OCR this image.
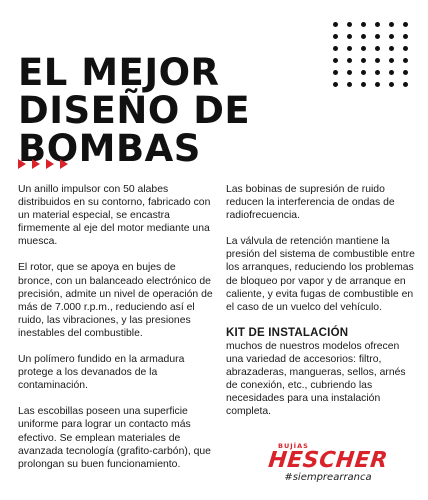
EL MEJOR
DISEÑO DE
BOMBAS

Un anillo impulsor con 50 alabes distribuidos en su contorno, fabricado con un material especial, se encastra firmemente al eje del motor mediante una muesca.

El rotor, que se apoya en bujes de bronce, con un balanceado electrónico de precisión, admite un nivel de operación de más de 7.000 r.p.m., reduciendo así el ruido, las vibraciones, y las presiones inestables del combustible.

Un polímero fundido en la armadura protege a los devanados de la contaminación.

Las escobillas poseen una superficie uniforme para lograr un contacto más efectivo. Se emplean materiales de avanzada tecnología (grafito-carbón), que prolongan su buen funcionamiento.

Las bobinas de supresión de ruido reducen la interferencia de ondas de radiofrecuencia.

La válvula de retención mantiene la presión del sistema de combustible entre los arranques, reduciendo los problemas de bloqueo por vapor y de arranque en caliente, y evita fugas de combustible en el caso de un vuelco del vehículo.

KIT DE INSTALACIÓN
muchos de nuestros modelos ofrecen una variedad de accesorios: filtro, abrazaderas, mangueras, sellos, arnés de conexión, etc., cubriendo las necesidades para una instalación completa.

BUJÍAS
HESCHER
#siemprearranca
